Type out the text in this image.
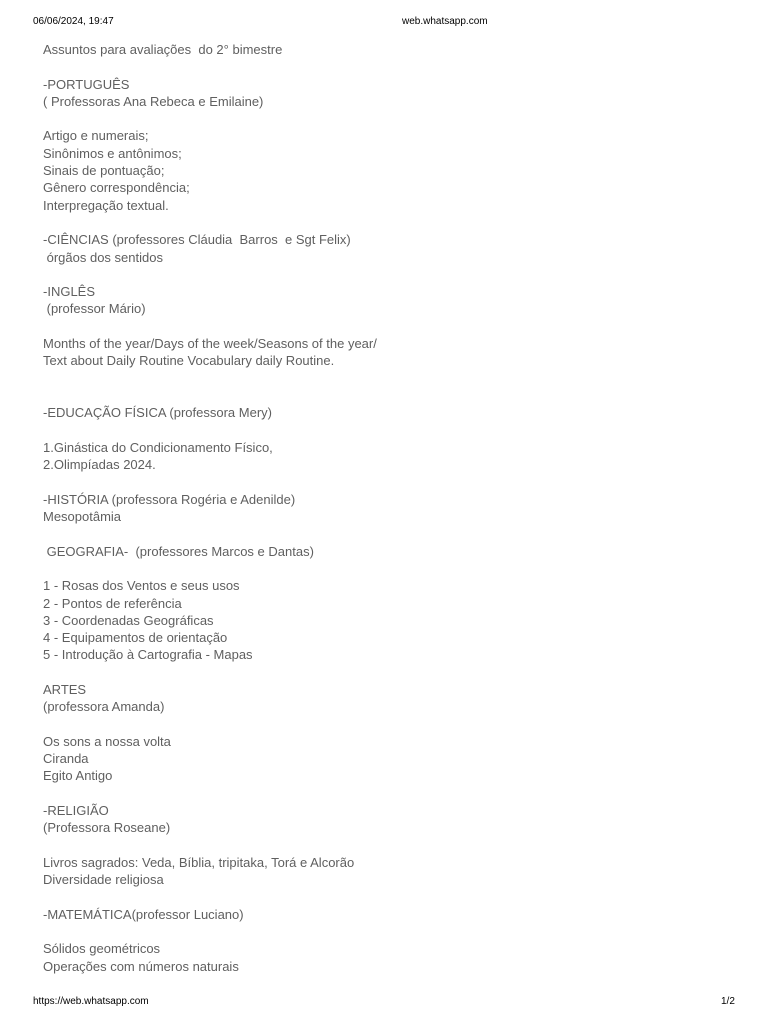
06/06/2024, 19:47	web.whatsapp.com
Assuntos para avaliações  do 2° bimestre
-PORTUGUÊS
( Professoras Ana Rebeca e Emilaine)
Artigo e numerais;
Sinônimos e antônimos;
Sinais de pontuação;
Gênero correspondência;
Interpregação textual.
-CIÊNCIAS (professores Cláudia  Barros  e Sgt Felix)
órgãos dos sentidos
-INGLÊS
(professor Mário)
Months of the year/Days of the week/Seasons of the year/
Text about Daily Routine Vocabulary daily Routine.
-EDUCAÇÃO FÍSICA (professora Mery)
1.Ginástica do Condicionamento Físico,
2.Olimpíadas 2024.
-HISTÓRIA (professora Rogéria e Adenilde)
Mesopotâmia
GEOGRAFIA-  (professores Marcos e Dantas)
1 - Rosas dos Ventos e seus usos
2 - Pontos de referência
3 - Coordenadas Geográficas
4 - Equipamentos de orientação
5 - Introdução à Cartografia - Mapas
ARTES
(professora Amanda)
Os sons a nossa volta
Ciranda
Egito Antigo
-RELIGIÃO
(Professora Roseane)
Livros sagrados: Veda, Bíblia, tripitaka, Torá e Alcorão
Diversidade religiosa
-MATEMÁTICA(professor Luciano)
Sólidos geométricos
Operações com números naturais
https://web.whatsapp.com	1/2
